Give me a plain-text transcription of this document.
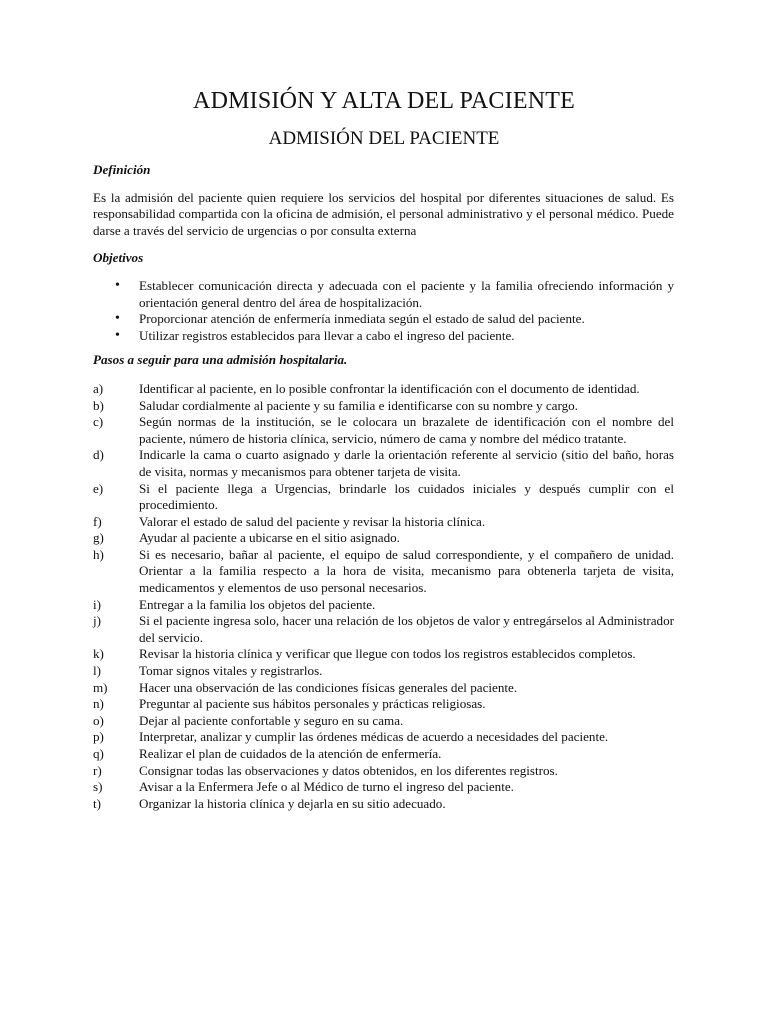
ADMISIÓN Y ALTA DEL PACIENTE
ADMISIÓN DEL PACIENTE

Definición

Es la admisión del paciente quien requiere los servicios del hospital por diferentes situaciones de salud. Es responsabilidad compartida con la oficina de admisión, el personal administrativo y el personal médico. Puede darse a través del servicio de urgencias o por consulta externa

Objetivos

• Establecer comunicación directa y adecuada con el paciente y la familia ofreciendo información y orientación general dentro del área de hospitalización.
• Proporcionar atención de enfermería inmediata según el estado de salud del paciente.
• Utilizar registros establecidos para llevar a cabo el ingreso del paciente.

Pasos a seguir para una admisión hospitalaria.

a)	Identificar al paciente, en lo posible confrontar la identificación con el documento de identidad.
b)	Saludar cordialmente al paciente y su familia e identificarse con su nombre y cargo.
c)	Según normas de la institución, se le colocara un brazalete de identificación con el nombre del paciente, número de historia clínica, servicio, número de cama y nombre del médico tratante.
d)	Indicarle la cama o cuarto asignado y darle la orientación referente al servicio (sitio del baño, horas de visita, normas y mecanismos para obtener tarjeta de visita.
e)	Si el paciente llega a Urgencias, brindarle los cuidados iniciales y después cumplir con el procedimiento.
f)	Valorar el estado de salud del paciente y revisar la historia clínica.
g)	Ayudar al paciente a ubicarse en el sitio asignado.
h)	Si es necesario, bañar al paciente, el equipo de salud correspondiente, y el compañero de unidad. Orientar a la familia respecto a la hora de visita, mecanismo para obtenerla tarjeta de visita, medicamentos y elementos de uso personal necesarios.
i)	Entregar a la familia los objetos del paciente.
j)	Si el paciente ingresa solo, hacer una relación de los objetos de valor y entregárselos al Administrador del servicio.
k)	Revisar la historia clínica y verificar que llegue con todos los registros establecidos completos.
l)	Tomar signos vitales y registrarlos.
m) Hacer una observación de las condiciones físicas generales del paciente.
n)	Preguntar al paciente sus hábitos personales y prácticas religiosas.
o)	Dejar al paciente confortable y seguro en su cama.
p)	Interpretar, analizar y cumplir las órdenes médicas de acuerdo a necesidades del paciente.
q)	Realizar el plan de cuidados de la atención de enfermería.
r)	Consignar todas las observaciones y datos obtenidos, en los diferentes registros.
s)	Avisar a la Enfermera Jefe o al Médico de turno el ingreso del paciente.
t)	Organizar la historia clínica y dejarla en su sitio adecuado.
